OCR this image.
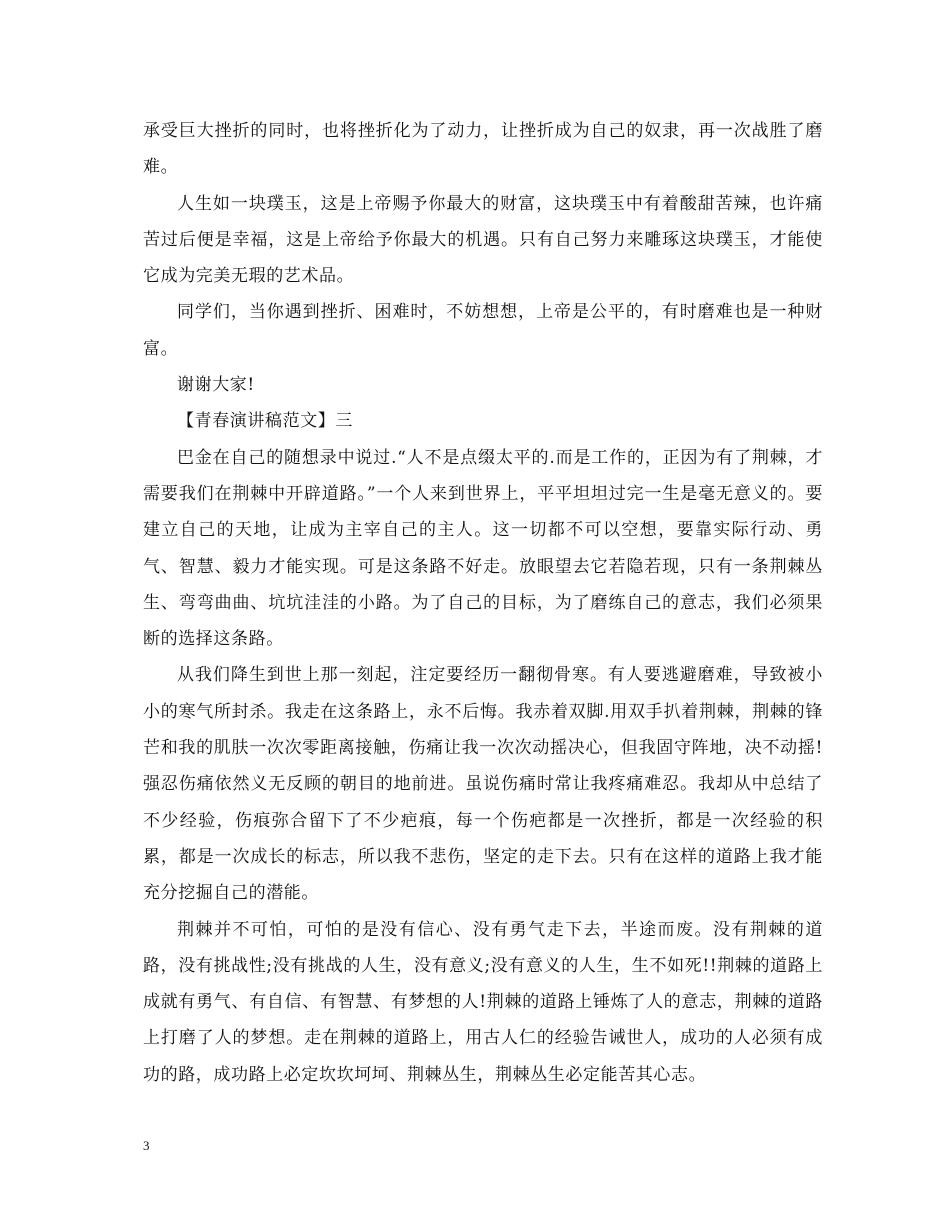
承受巨大挫折的同时，也将挫折化为了动力，让挫折成为自己的奴隶，再一次战胜了磨难。

人生如一块璞玉，这是上帝赐予你最大的财富，这块璞玉中有着酸甜苦辣，也许痛苦过后便是幸福，这是上帝给予你最大的机遇。只有自己努力来雕琢这块璞玉，才能使它成为完美无瑕的艺术品。

同学们，当你遇到挫折、困难时，不妨想想，上帝是公平的，有时磨难也是一种财富。

谢谢大家!

【青春演讲稿范文】三

巴金在自己的随想录中说过.“人不是点缀太平的.而是工作的，正因为有了荆棘，才需要我们在荆棘中开辟道路。”一个人来到世界上，平平坦坦过完一生是毫无意义的。要建立自己的天地，让成为主宰自己的主人。这一切都不可以空想，要靠实际行动、勇气、智慧、毅力才能实现。可是这条路不好走。放眼望去它若隐若现，只有一条荆棘丛生、弯弯曲曲、坑坑洼洼的小路。为了自己的目标，为了磨练自己的意志，我们必须果断的选择这条路。

从我们降生到世上那一刻起，注定要经历一翻彻骨寒。有人要逃避磨难，导致被小小的寒气所封杀。我走在这条路上，永不后悔。我赤着双脚.用双手扒着荆棘，荆棘的锋芒和我的肌肤一次次零距离接触，伤痛让我一次次动摇决心，但我固守阵地，决不动摇!强忍伤痛依然义无反顾的朝目的地前进。虽说伤痛时常让我疼痛难忍。我却从中总结了不少经验，伤痕弥合留下了不少疤痕，每一个伤疤都是一次挫折，都是一次经验的积累，都是一次成长的标志，所以我不悲伤，坚定的走下去。只有在这样的道路上我才能充分挖掘自己的潜能。

荆棘并不可怕，可怕的是没有信心、没有勇气走下去，半途而废。没有荆棘的道路，没有挑战性;没有挑战的人生，没有意义;没有意义的人生，生不如死!!荆棘的道路上成就有勇气、有自信、有智慧、有梦想的人!荆棘的道路上锤炼了人的意志，荆棘的道路上打磨了人的梦想。走在荆棘的道路上，用古人仁的经验告诫世人，成功的人必须有成功的路，成功路上必定坎坎坷坷、荆棘丛生，荆棘丛生必定能苦其心志。

3
